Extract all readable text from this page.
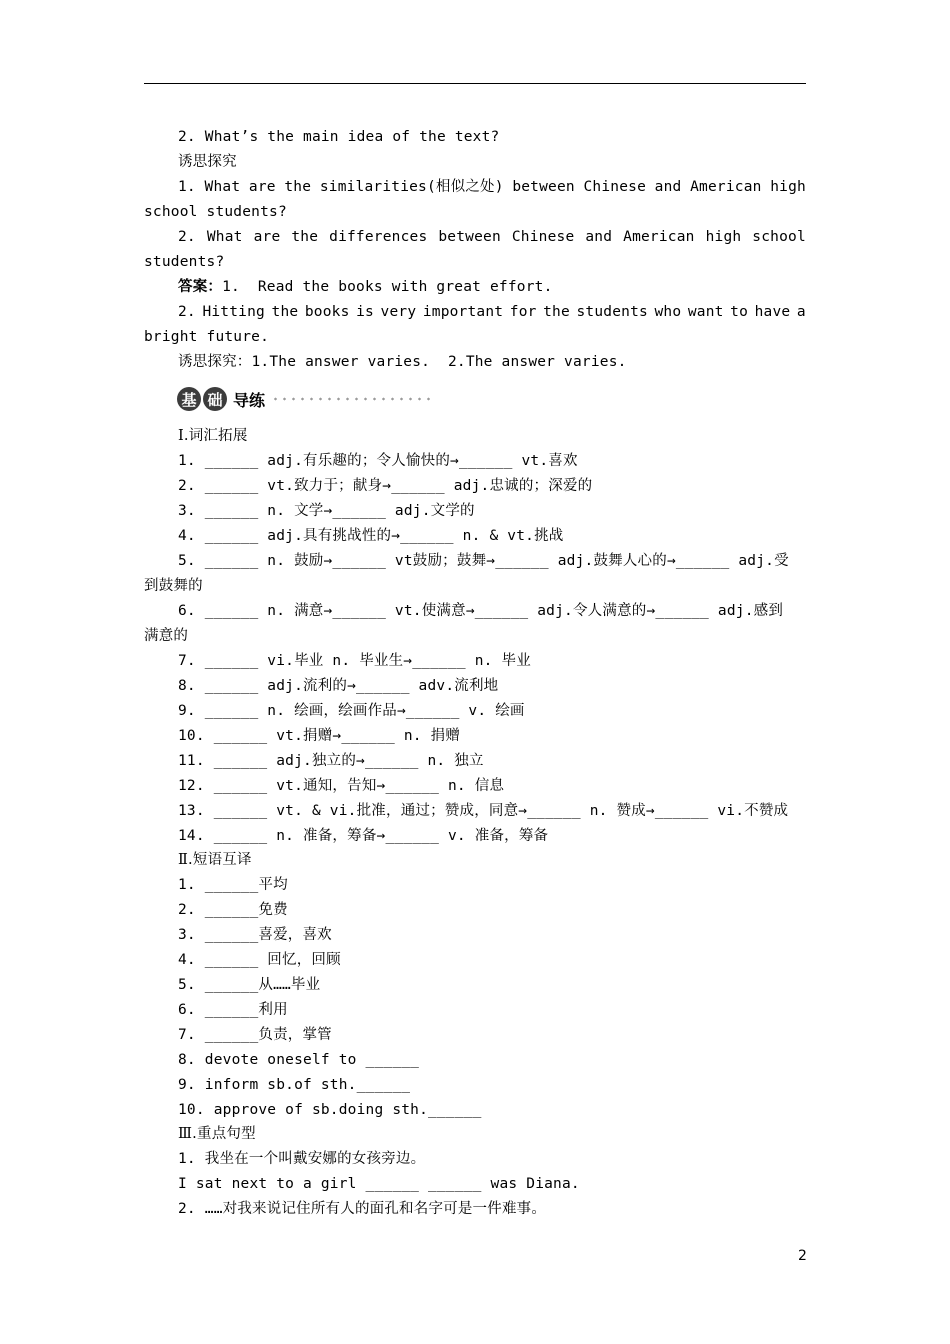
2. What’s the main idea of the text?
诱思探究
1. What are the similarities(相似之处) between Chinese and American high
school students?
2. What are the differences between Chinese and American high school
students?
答案：1.  Read the books with great effort.
2. Hitting the books is very important for the students who want to have a
bright future.
诱思探究：1.The answer varies.  2.The answer varies.
基 础 导练
Ⅰ.词汇拓展
1. ______ adj.有乐趣的；令人愉快的→______ vt.喜欢
2. ______ vt.致力于；献身→______ adj.忠诚的；深爱的
3. ______ n. 文学→______ adj.文学的
4. ______ adj.具有挑战性的→______ n. & vt.挑战
5. ______ n. 鼓励→______ vt鼓励；鼓舞→______ adj.鼓舞人心的→______ adj.受
到鼓舞的
6. ______ n. 满意→______ vt.使满意→______ adj.令人满意的→______ adj.感到
满意的
7. ______ vi.毕业 n. 毕业生→______ n. 毕业
8. ______ adj.流利的→______ adv.流利地
9. ______ n. 绘画，绘画作品→______ v. 绘画
10. ______ vt.捐赠→______ n. 捐赠
11. ______ adj.独立的→______ n. 独立
12. ______ vt.通知，告知→______ n. 信息
13. ______ vt. & vi.批准，通过；赞成，同意→______ n. 赞成→______ vi.不赞成
14. ______ n. 准备，筹备→______ v. 准备，筹备
Ⅱ.短语互译
1. ______平均
2. ______免费
3. ______喜爱，喜欢
4. ______ 回忆，回顾
5. ______从……毕业
6. ______利用
7. ______负责，掌管
8. devote oneself to ______
9. inform sb.of sth.______
10. approve of sb.doing sth.______
Ⅲ.重点句型
1. 我坐在一个叫戴安娜的女孩旁边。
I sat next to a girl ______ ______ was Diana.
2. ……对我来说记住所有人的面孔和名字可是一件难事。
2
